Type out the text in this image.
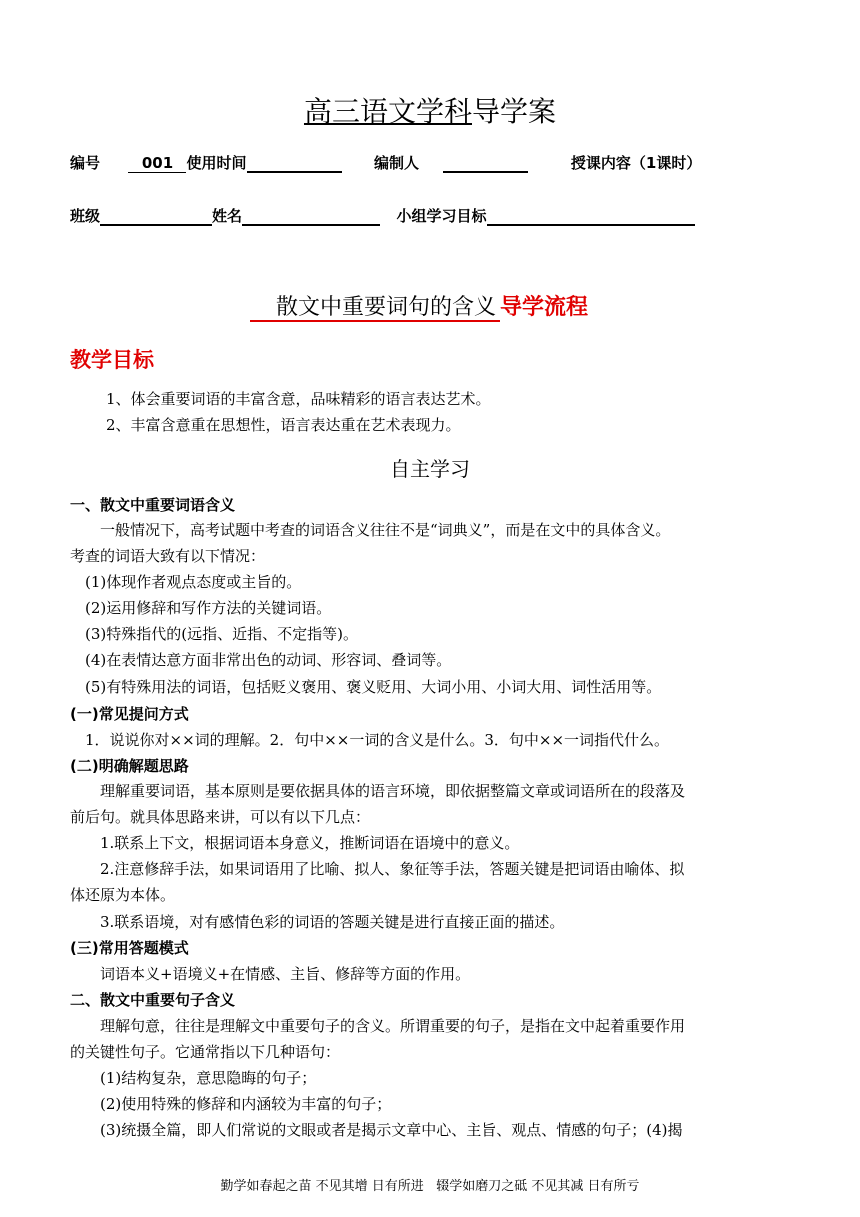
高三语文学科导学案
编号	001 使用时间	编制人	授课内容（1课时）
班级	姓名	小组学习目标
散文中重要词句的含义 导学流程
教学目标
1、体会重要词语的丰富含意，品味精彩的语言表达艺术。
2、丰富含意重在思想性，语言表达重在艺术表现力。
自主学习
一、散文中重要词语含义
　　一般情况下，高考试题中考查的词语含义往往不是“词典义”，而是在文中的具体含义。
考查的词语大致有以下情况：
　(1)体现作者观点态度或主旨的。
　(2)运用修辞和写作方法的关键词语。
　(3)特殊指代的(远指、近指、不定指等)。
　(4)在表情达意方面非常出色的动词、形容词、叠词等。
　(5)有特殊用法的词语，包括贬义褒用、褒义贬用、大词小用、小词大用、词性活用等。
(一)常见提问方式
　1．说说你对××词的理解。2．句中××一词的含义是什么。3．句中××一词指代什么。
(二)明确解题思路
　　理解重要词语，基本原则是要依据具体的语言环境，即依据整篇文章或词语所在的段落及
前后句。就具体思路来讲，可以有以下几点：
　　1.联系上下文，根据词语本身意义，推断词语在语境中的意义。
　　2.注意修辞手法，如果词语用了比喻、拟人、象征等手法，答题关键是把词语由喻体、拟
体还原为本体。
　　3.联系语境，对有感情色彩的词语的答题关键是进行直接正面的描述。
(三)常用答题模式
　　词语本义+语境义+在情感、主旨、修辞等方面的作用。
二、散文中重要句子含义
　　理解句意，往往是理解文中重要句子的含义。所谓重要的句子，是指在文中起着重要作用
的关键性句子。它通常指以下几种语句：
　　(1)结构复杂，意思隐晦的句子；
　　(2)使用特殊的修辞和内涵较为丰富的句子；
　　(3)统摄全篇，即人们常说的文眼或者是揭示文章中心、主旨、观点、情感的句子；(4)揭
勤学如春起之苗 不见其增 日有所进   辍学如磨刀之砥 不见其减 日有所亏
